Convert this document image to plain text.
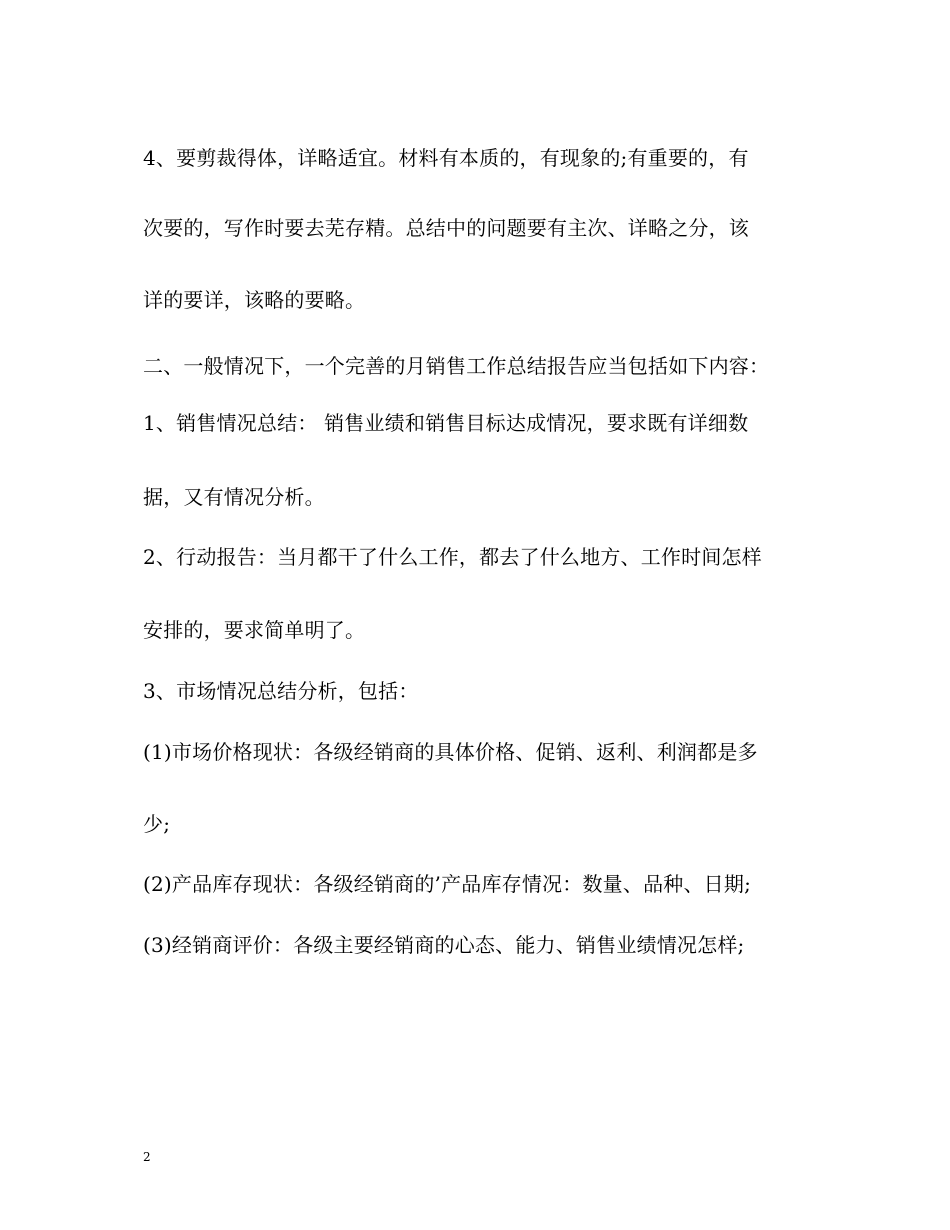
4、要剪裁得体，详略适宜。材料有本质的，有现象的;有重要的，有
次要的，写作时要去芜存精。总结中的问题要有主次、详略之分，该
详的要详，该略的要略。
二、一般情况下，一个完善的月销售工作总结报告应当包括如下内容：
1、销售情况总结： 销售业绩和销售目标达成情况，要求既有详细数
据，又有情况分析。
2、行动报告：当月都干了什么工作，都去了什么地方、工作时间怎样
安排的，要求简单明了。
3、市场情况总结分析，包括：
(1)市场价格现状：各级经销商的具体价格、促销、返利、利润都是多
少;
(2)产品库存现状：各级经销商的’产品库存情况：数量、品种、日期;
(3)经销商评价：各级主要经销商的心态、能力、销售业绩情况怎样;
2
